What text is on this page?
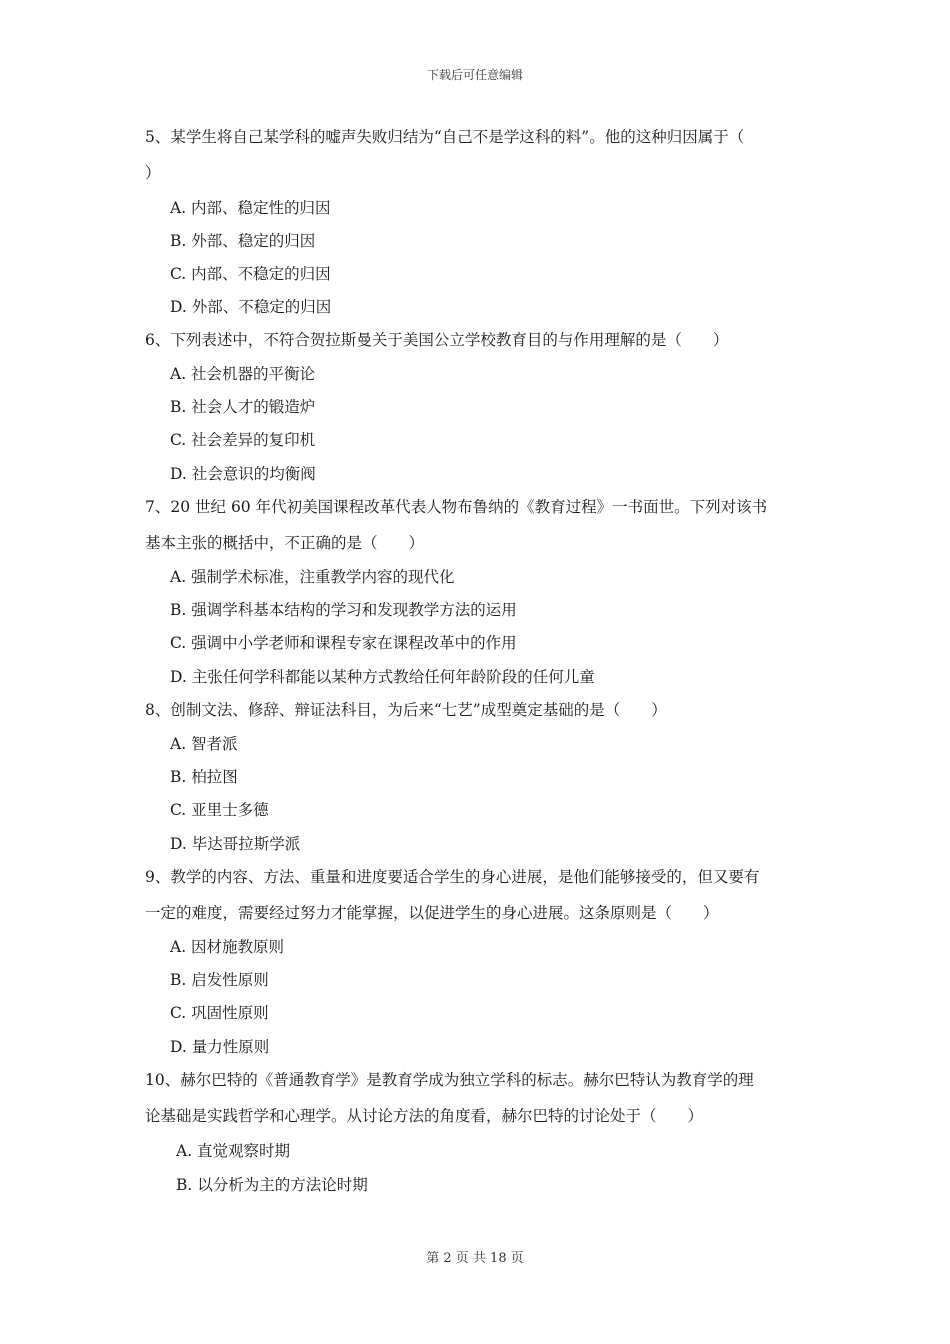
下载后可任意编辑
5、某学生将自己某学科的嘘声失败归结为“自己不是学这科的料”。他的这种归因属于（
）
A. 内部、稳定性的归因
B. 外部、稳定的归因
C. 内部、不稳定的归因
D. 外部、不稳定的归因
6、下列表述中，不符合贺拉斯曼关于美国公立学校教育目的与作用理解的是（　　）
A. 社会机器的平衡论
B. 社会人才的锻造炉
C. 社会差异的复印机
D. 社会意识的均衡阀
7、20 世纪 60 年代初美国课程改革代表人物布鲁纳的《教育过程》一书面世。下列对该书
基本主张的概括中，不正确的是（　　）
A. 强制学术标准，注重教学内容的现代化
B. 强调学科基本结构的学习和发现教学方法的运用
C. 强调中小学老师和课程专家在课程改革中的作用
D. 主张任何学科都能以某种方式教给任何年龄阶段的任何儿童
8、创制文法、修辞、辩证法科目，为后来“七艺”成型奠定基础的是（　　）
A. 智者派
B. 柏拉图
C. 亚里士多德
D. 毕达哥拉斯学派
9、教学的内容、方法、重量和进度要适合学生的身心进展，是他们能够接受的，但又要有
一定的难度，需要经过努力才能掌握，以促进学生的身心进展。这条原则是（　　）
A. 因材施教原则
B. 启发性原则
C. 巩固性原则
D. 量力性原则
10、赫尔巴特的《普通教育学》是教育学成为独立学科的标志。赫尔巴特认为教育学的理
论基础是实践哲学和心理学。从讨论方法的角度看，赫尔巴特的讨论处于（　　）
A. 直觉观察时期
B. 以分析为主的方法论时期
第 2 页 共 18 页
